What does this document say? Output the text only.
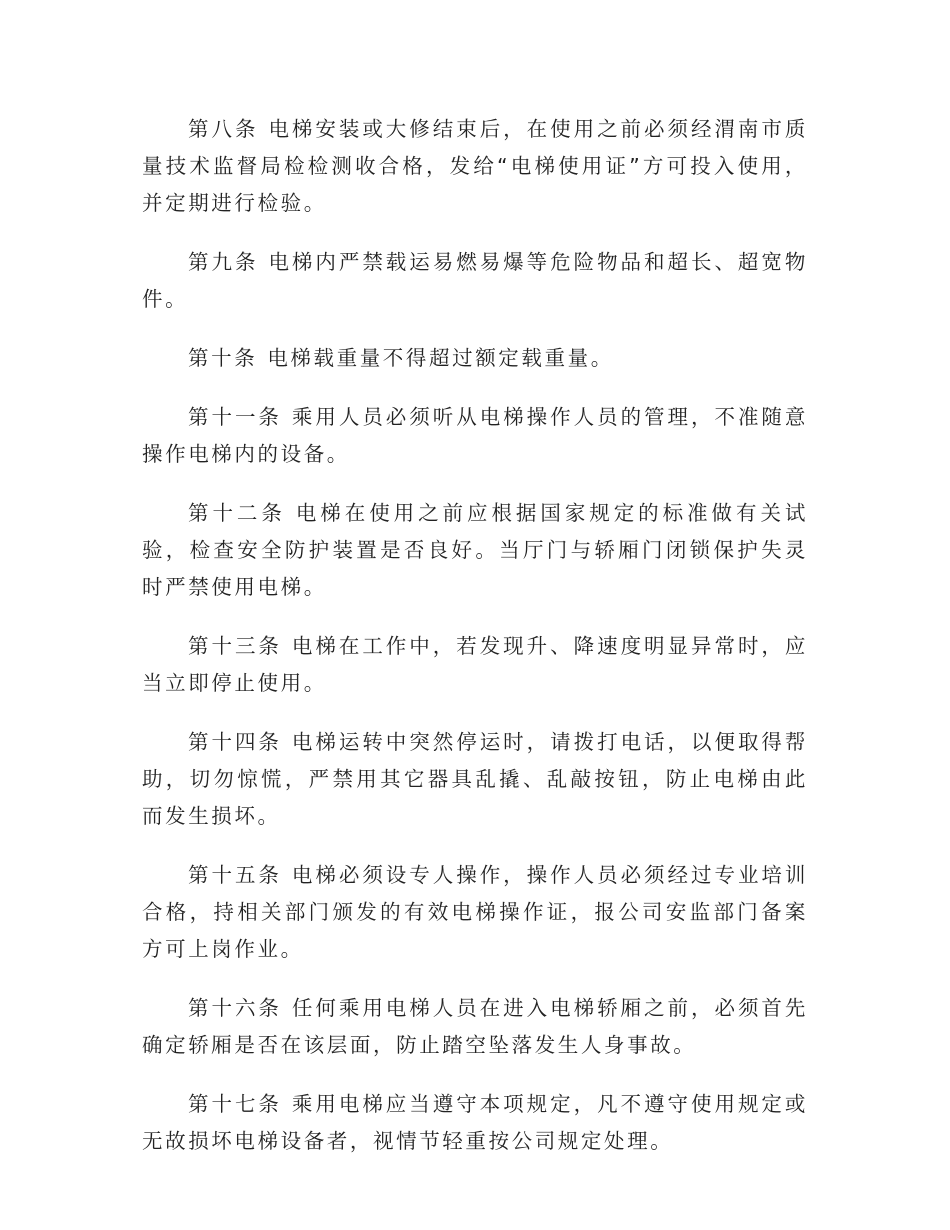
第八条 电梯安装或大修结束后，在使用之前必须经渭南市质量技术监督局检检测收合格，发给“电梯使用证”方可投入使用，并定期进行检验。

第九条 电梯内严禁载运易燃易爆等危险物品和超长、超宽物件。

第十条 电梯载重量不得超过额定载重量。

第十一条 乘用人员必须听从电梯操作人员的管理，不准随意操作电梯内的设备。

第十二条 电梯在使用之前应根据国家规定的标准做有关试验，检查安全防护装置是否良好。当厅门与轿厢门闭锁保护失灵时严禁使用电梯。

第十三条 电梯在工作中，若发现升、降速度明显异常时，应当立即停止使用。

第十四条 电梯运转中突然停运时，请拨打电话，以便取得帮助，切勿惊慌，严禁用其它器具乱撬、乱敲按钮，防止电梯由此而发生损坏。

第十五条 电梯必须设专人操作，操作人员必须经过专业培训合格，持相关部门颁发的有效电梯操作证，报公司安监部门备案方可上岗作业。

第十六条 任何乘用电梯人员在进入电梯轿厢之前，必须首先确定轿厢是否在该层面，防止踏空坠落发生人身事故。

第十七条 乘用电梯应当遵守本项规定，凡不遵守使用规定或无故损坏电梯设备者，视情节轻重按公司规定处理。
